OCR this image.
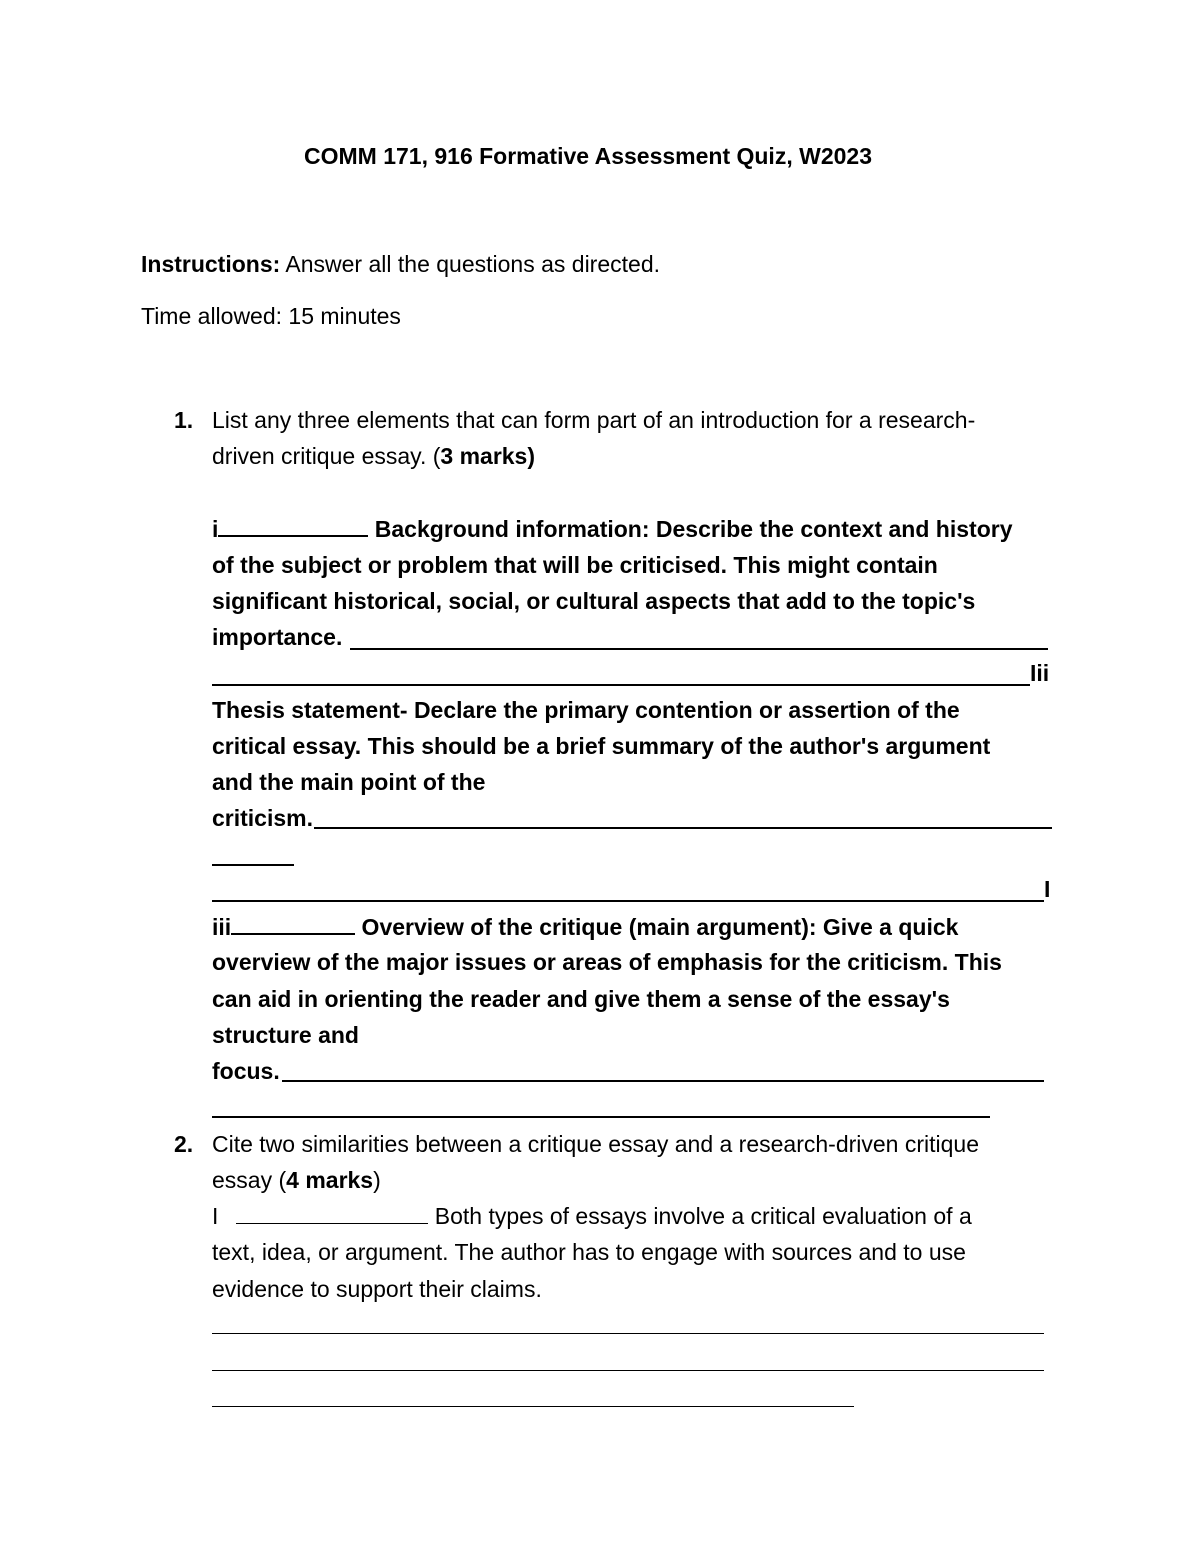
COMM 171, 916 Formative Assessment Quiz, W2023
Instructions: Answer all the questions as directed.
Time allowed: 15 minutes
1. List any three elements that can form part of an introduction for a research-
driven critique essay. (3 marks)
i	Background information: Describe the context and history
of the subject or problem that will be criticised. This might contain
significant historical, social, or cultural aspects that add to the topic's
importance.
Iii
Thesis statement- Declare the primary contention or assertion of the
critical essay. This should be a brief summary of the author's argument
and the main point of the
criticism.
I
iii	Overview of the critique (main argument): Give a quick
overview of the major issues or areas of emphasis for the criticism. This
can aid in orienting the reader and give them a sense of the essay's
structure and
focus.
2. Cite two similarities between a critique essay and a research-driven critique
essay (4 marks)
I	Both types of essays involve a critical evaluation of a
text, idea, or argument. The author has to engage with sources and to use
evidence to support their claims.
